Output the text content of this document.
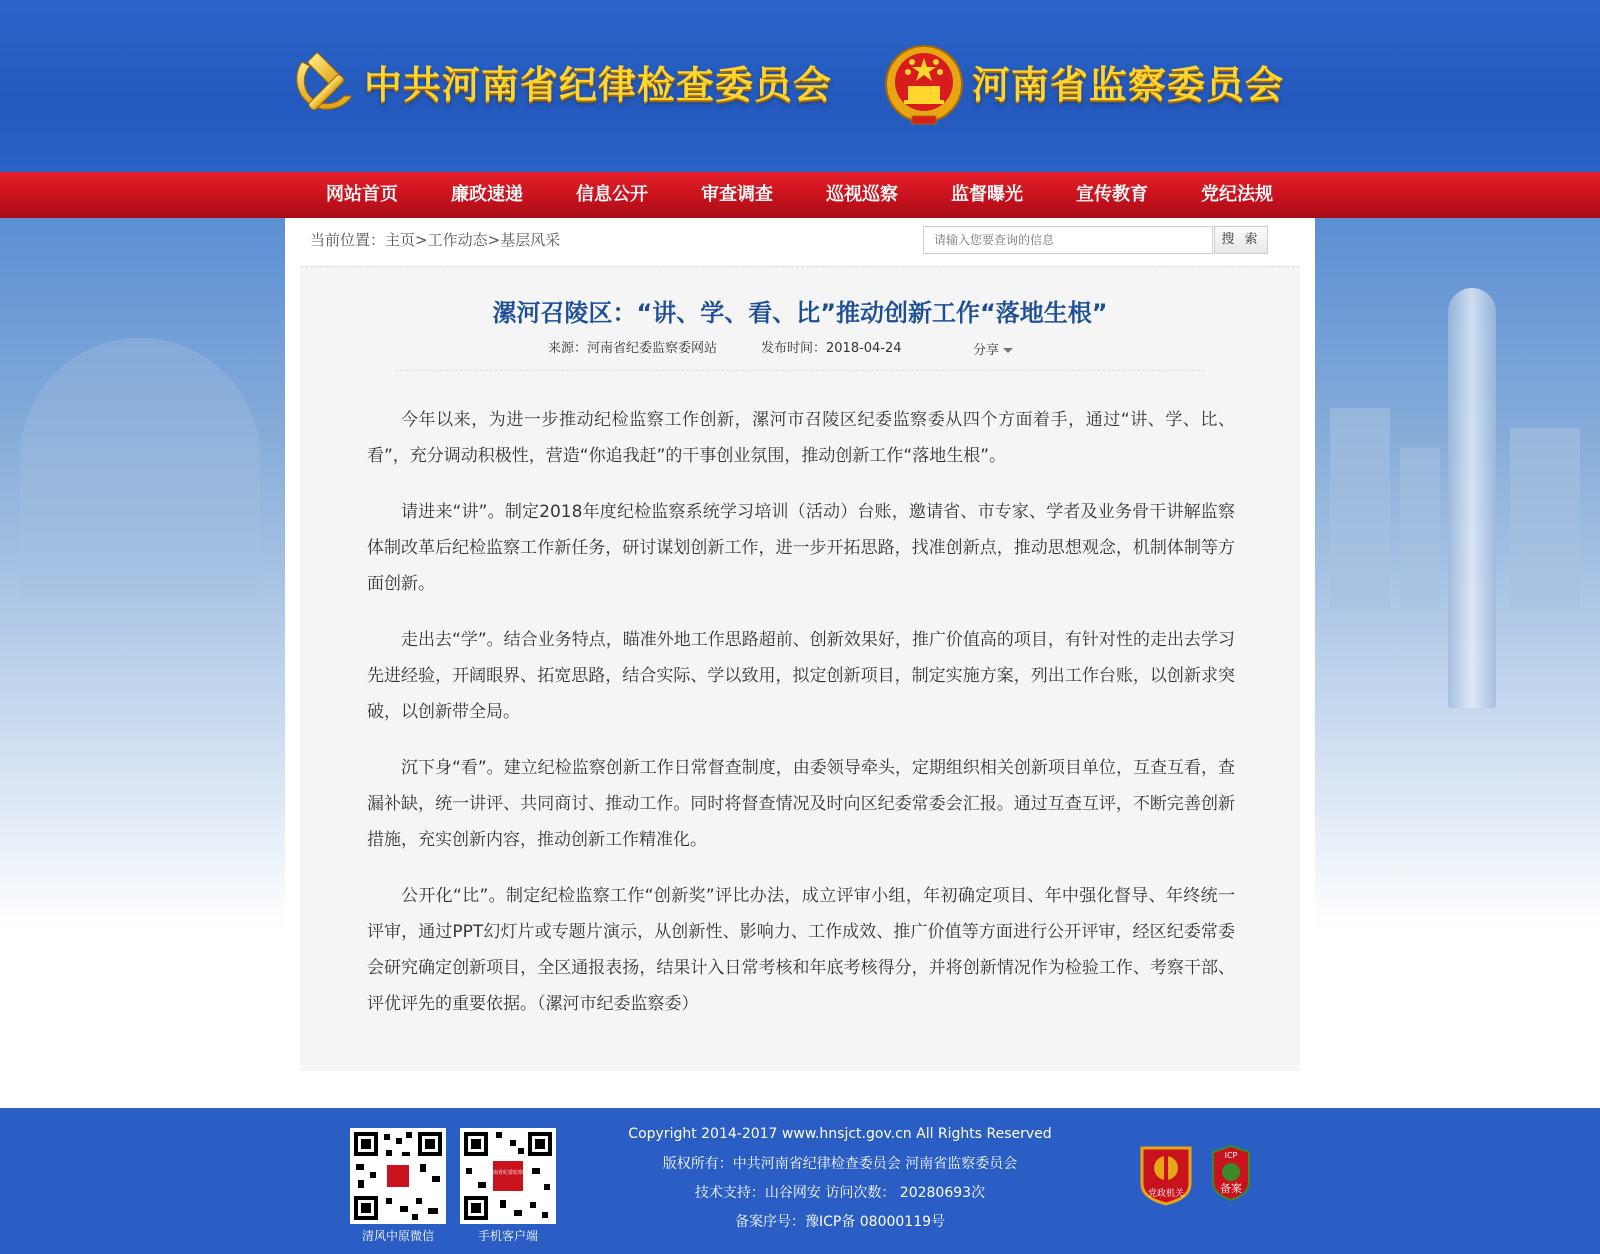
中共河南省纪律检查委员会	河南省监察委员会
网站首页	廉政速递	信息公开	审查调查	巡视巡察	监督曝光	宣传教育	党纪法规
当前位置：主页>工作动态>基层风采
请输入您要查询的信息	搜 索
漯河召陵区：“讲、学、看、比”推动创新工作“落地生根”
来源：河南省纪委监察委网站	发布时间：2018-04-24	分享

今年以来，为进一步推动纪检监察工作创新，漯河市召陵区纪委监察委从四个方面着手，通过“讲、学、比、看”，充分调动积极性，营造“你追我赶”的干事创业氛围，推动创新工作“落地生根”。

请进来“讲”。制定2018年度纪检监察系统学习培训（活动）台账，邀请省、市专家、学者及业务骨干讲解监察体制改革后纪检监察工作新任务，研讨谋划创新工作，进一步开拓思路，找准创新点，推动思想观念，机制体制等方面创新。

走出去“学”。结合业务特点，瞄准外地工作思路超前、创新效果好，推广价值高的项目，有针对性的走出去学习先进经验，开阔眼界、拓宽思路，结合实际、学以致用，拟定创新项目，制定实施方案，列出工作台账，以创新求突破，以创新带全局。

沉下身“看”。建立纪检监察创新工作日常督查制度，由委领导牵头，定期组织相关创新项目单位，互查互看，查漏补缺，统一讲评、共同商讨、推动工作。同时将督查情况及时向区纪委常委会汇报。通过互查互评，不断完善创新措施，充实创新内容，推动创新工作精准化。

公开化“比”。制定纪检监察工作“创新奖”评比办法，成立评审小组，年初确定项目、年中强化督导、年终统一评审，通过PPT幻灯片或专题片演示，从创新性、影响力、工作成效、推广价值等方面进行公开评审，经区纪委常委会研究确定创新项目，全区通报表扬，结果计入日常考核和年底考核得分，并将创新情况作为检验工作、考察干部、评优评先的重要依据。（漯河市纪委监察委）

清风中原微信
河南省纪委监察委
手机客户端
Copyright 2014-2017 www.hnsjct.gov.cn All Rights Reserved
版权所有：中共河南省纪律检查委员会 河南省监察委员会
技术支持：山谷网安 访问次数： 20280693次
备案序号：豫ICP备 08000119号
党政机关
ICP
备案
